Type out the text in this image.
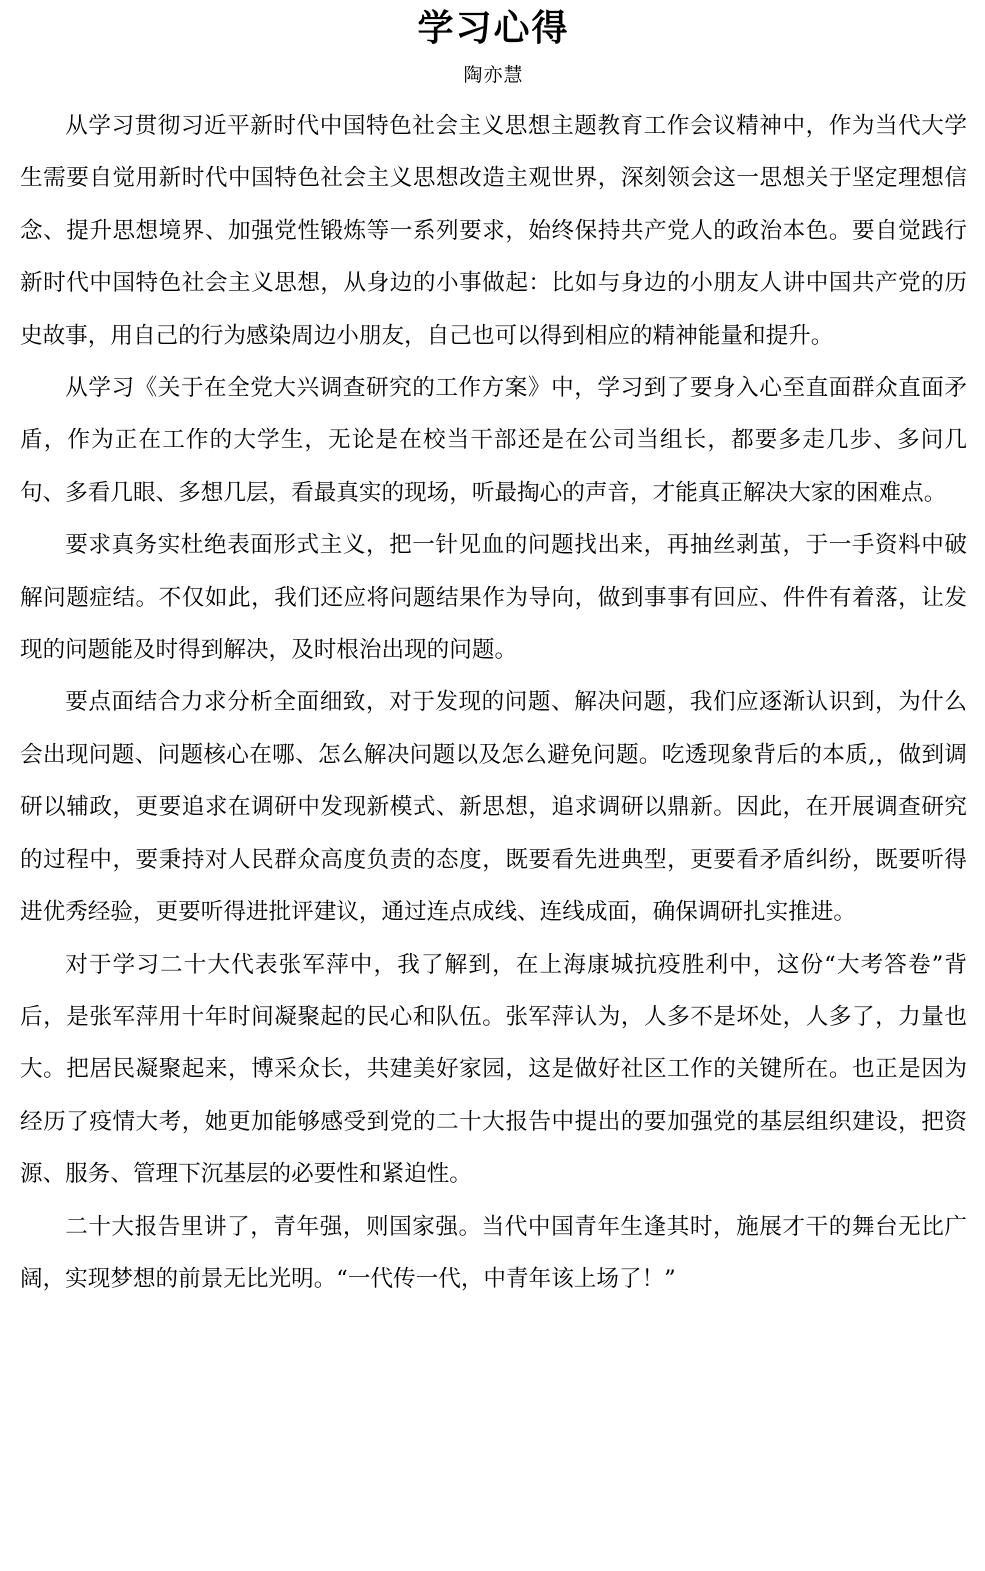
学习心得
陶亦慧

从学习贯彻习近平新时代中国特色社会主义思想主题教育工作会议精神中，作为当代大学生需要自觉用新时代中国特色社会主义思想改造主观世界，深刻领会这一思想关于坚定理想信念、提升思想境界、加强党性锻炼等一系列要求，始终保持共产党人的政治本色。要自觉践行新时代中国特色社会主义思想，从身边的小事做起：比如与身边的小朋友人讲中国共产党的历史故事，用自己的行为感染周边小朋友，自己也可以得到相应的精神能量和提升。

从学习《关于在全党大兴调查研究的工作方案》中，学习到了要身入心至直面群众直面矛盾，作为正在工作的大学生，无论是在校当干部还是在公司当组长，都要多走几步、多问几句、多看几眼、多想几层，看最真实的现场，听最掏心的声音，才能真正解决大家的困难点。

要求真务实杜绝表面形式主义，把一针见血的问题找出来，再抽丝剥茧，于一手资料中破解问题症结。不仅如此，我们还应将问题结果作为导向，做到事事有回应、件件有着落，让发现的问题能及时得到解决，及时根治出现的问题。

要点面结合力求分析全面细致，对于发现的问题、解决问题，我们应逐渐认识到，为什么会出现问题、问题核心在哪、怎么解决问题以及怎么避免问题。吃透现象背后的本质,，做到调研以辅政，更要追求在调研中发现新模式、新思想，追求调研以鼎新。因此，在开展调查研究的过程中，要秉持对人民群众高度负责的态度，既要看先进典型，更要看矛盾纠纷，既要听得进优秀经验，更要听得进批评建议，通过连点成线、连线成面，确保调研扎实推进。

对于学习二十大代表张军萍中，我了解到，在上海康城抗疫胜利中，这份“大考答卷”背后，是张军萍用十年时间凝聚起的民心和队伍。张军萍认为，人多不是坏处，人多了，力量也大。把居民凝聚起来，博采众长，共建美好家园，这是做好社区工作的关键所在。也正是因为经历了疫情大考，她更加能够感受到党的二十大报告中提出的要加强党的基层组织建设，把资源、服务、管理下沉基层的必要性和紧迫性。

二十大报告里讲了，青年强，则国家强。当代中国青年生逢其时，施展才干的舞台无比广阔，实现梦想的前景无比光明。“一代传一代，中青年该上场了！”
